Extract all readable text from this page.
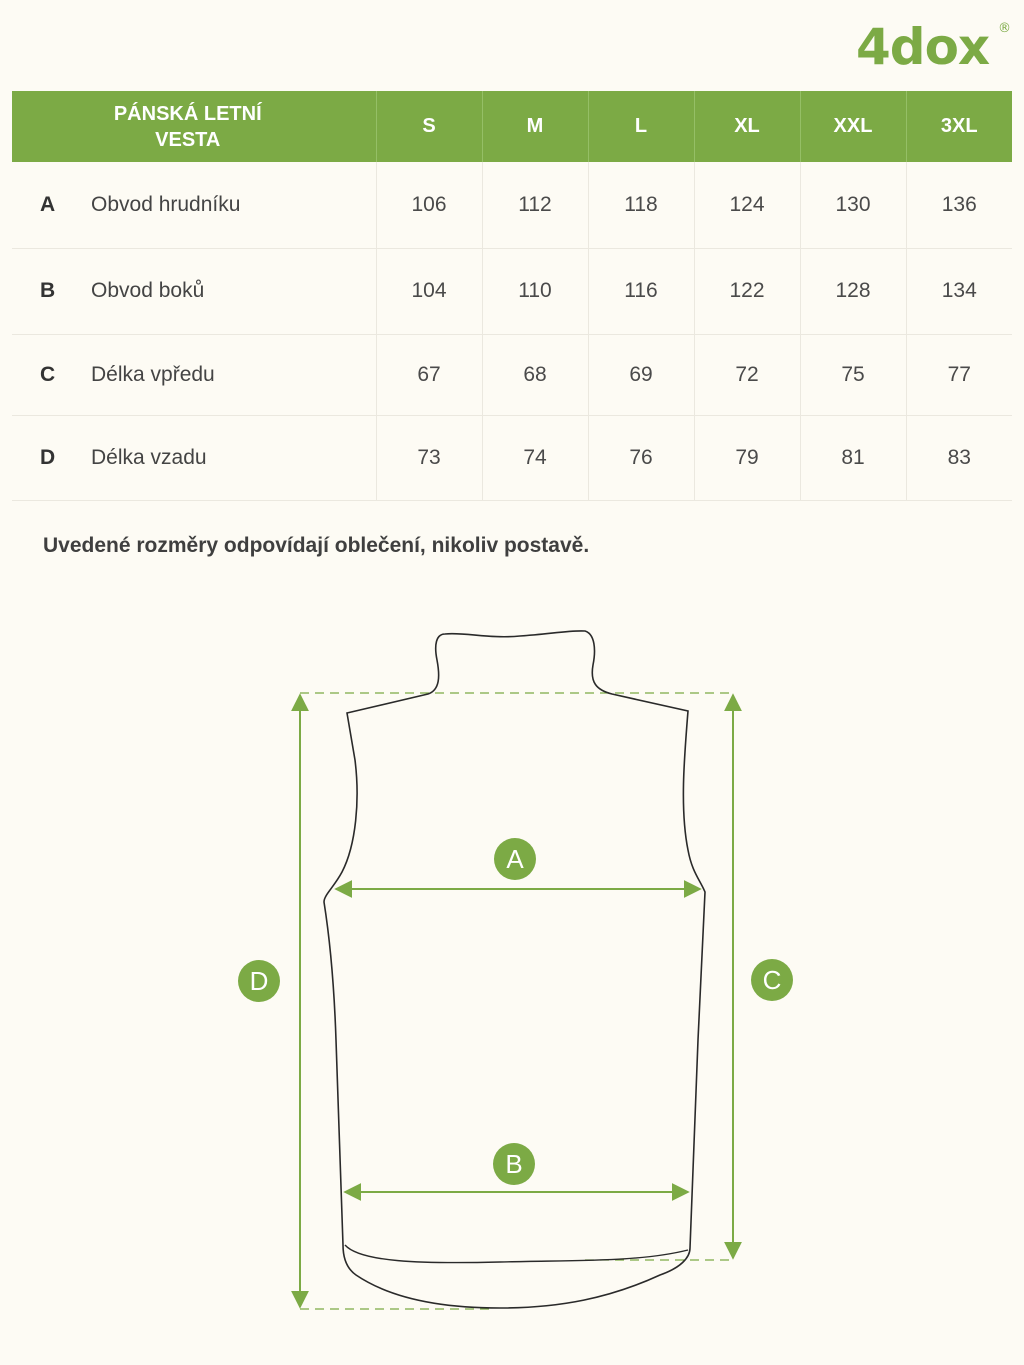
4dox ®
PÁNSKÁ LETNÍ
VESTA	S	M	L	XL	XXL	3XL
A Obvod hrudníku	106	112	118	124	130	136
B Obvod boků	104	110	116	122	128	134
C Délka vpředu	67	68	69	72	75	77
D Délka vzadu	73	74	76	79	81	83
Uvedené rozměry odpovídají oblečení, nikoliv postavě.
A
B
C
D
